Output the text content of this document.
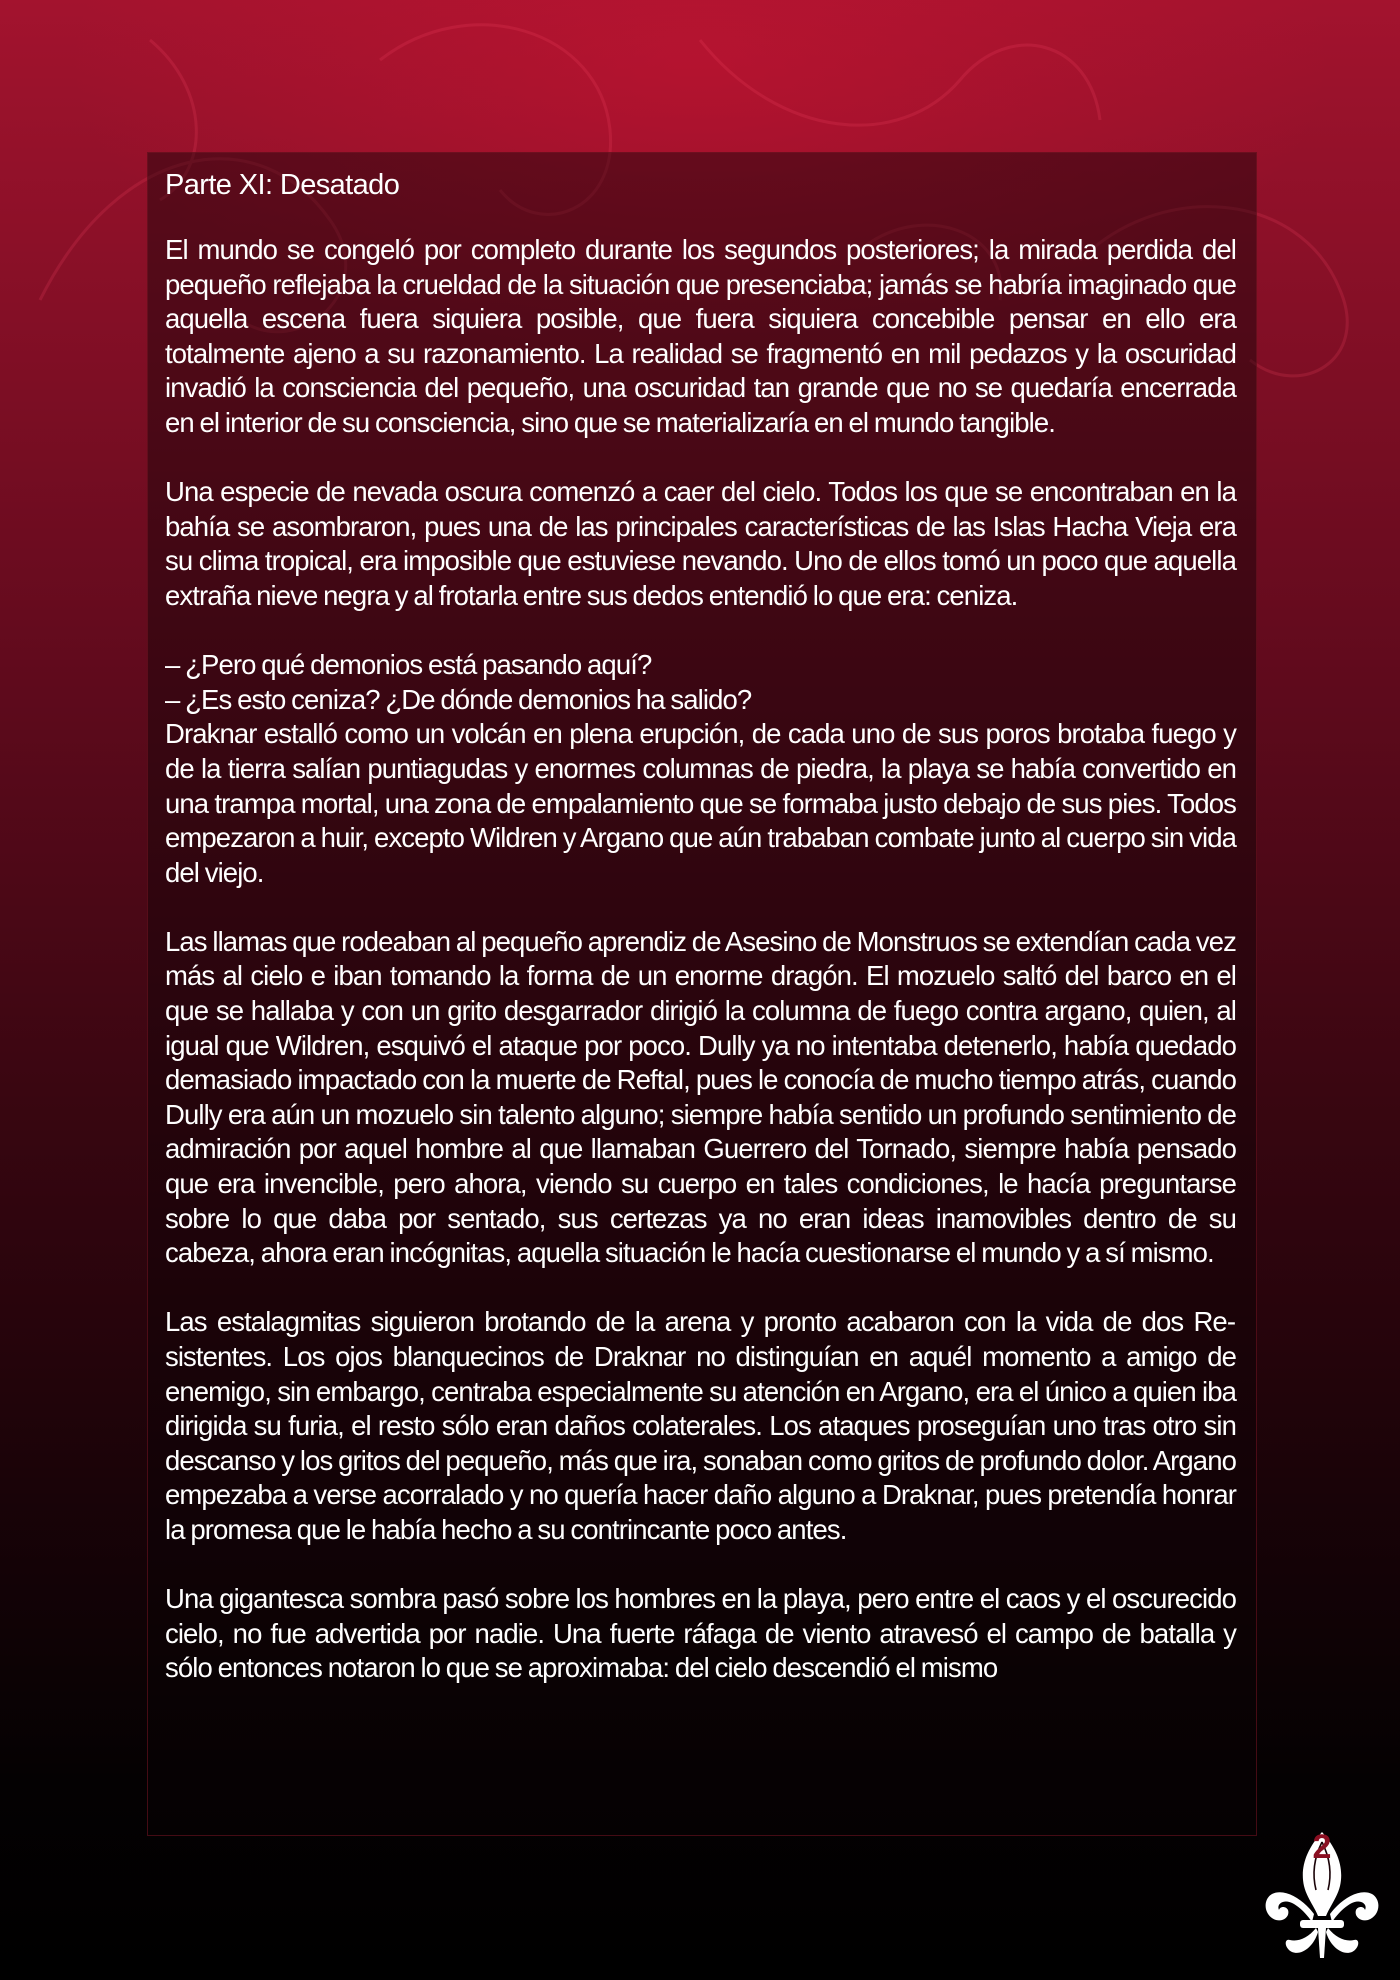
Parte XI: Desatado

El mundo se congeló por completo durante los segundos posteriores; la mirada perdida del pequeño reflejaba la crueldad de la situación que presenciaba; jamás se habría imaginado que aquella escena fuera siquiera posible, que fuera siquiera concebible pensar en ello era totalmente ajeno a su razonamiento. La realidad se fragmentó en mil pedazos y la oscuridad invadió la consciencia del pequeño, una oscuridad tan grande que no se quedaría encerrada en el interior de su consciencia, sino que se materializaría en el mundo tangible.

Una especie de nevada oscura comenzó a caer del cielo. Todos los que se encontraban en la bahía se asombraron, pues una de las principales características de las Islas Hacha Vieja era su clima tropical, era imposible que estuviese nevando. Uno de ellos tomó un poco que aquella extraña nieve negra y al frotarla entre sus dedos entendió lo que era: ceniza.

– ¿Pero qué demonios está pasando aquí?

– ¿Es esto ceniza? ¿De dónde demonios ha salido?

Draknar estalló como un volcán en plena erupción, de cada uno de sus poros brotaba fuego y de la tierra salían puntiagudas y enormes columnas de piedra, la playa se había convertido en una trampa mortal, una zona de empalamiento que se formaba justo debajo de sus pies. Todos empezaron a huir, excepto Wildren y Argano que aún trababan combate junto al cuerpo sin vida del viejo.

Las llamas que rodeaban al pequeño aprendiz de Asesino de Monstruos se extendían cada vez más al cielo e iban tomando la forma de un enorme dragón. El mozuelo saltó del barco en el que se hallaba y con un grito desgarrador dirigió la columna de fuego contra argano, quien, al igual que Wildren, esquivó el ataque por poco. Dully ya no intentaba detenerlo, había quedado demasiado impactado con la muerte de Reftal, pues le conocía de mucho tiempo atrás, cuando Dully era aún un mozuelo sin talento alguno; siempre había sentido un profundo sentimiento de admiración por aquel hombre al que llamaban Guerrero del Tornado, siempre había pensado que era invencible, pero ahora, viendo su cuerpo en tales condiciones, le hacía preguntarse sobre lo que daba por sentado, sus certezas ya no eran ideas inamovibles dentro de su cabeza, ahora eran incógnitas, aquella situación le hacía cuestionarse el mundo y a sí mismo.

Las estalagmitas siguieron brotando de la arena y pronto acabaron con la vida de dos Resistentes. Los ojos blanquecinos de Draknar no distinguían en aquél momento a amigo de enemigo, sin embargo, centraba especialmente su atención en Argano, era el único a quien iba dirigida su furia, el resto sólo eran daños colaterales. Los ataques proseguían uno tras otro sin descanso y los gritos del pequeño, más que ira, sonaban como gritos de profundo dolor. Argano empezaba a verse acorralado y no quería hacer daño alguno a Draknar, pues pretendía honrar la promesa que le había hecho a su contrincante poco antes.

Una gigantesca sombra pasó sobre los hombres en la playa, pero entre el caos y el oscurecido cielo, no fue advertida por nadie. Una fuerte ráfaga de viento atravesó el campo de batalla y sólo entonces notaron lo que se aproximaba: del cielo descendió el mismo

2
